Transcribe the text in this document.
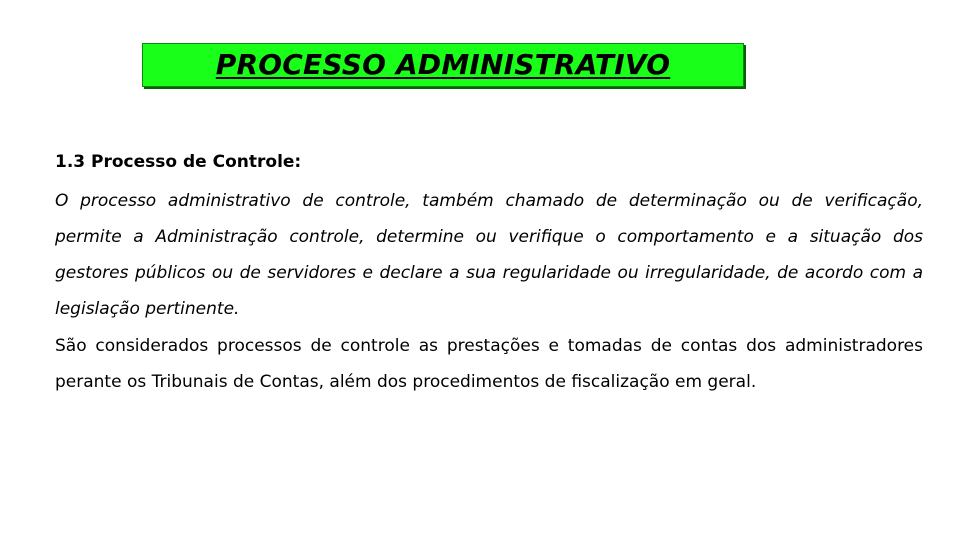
PROCESSO ADMINISTRATIVO
1.3 Processo de Controle:
O processo administrativo de controle, também chamado de determinação ou de verificação, permite a Administração controle, determine ou verifique o comportamento e a situação dos gestores públicos ou de servidores e declare a sua regularidade ou irregularidade, de acordo com a legislação pertinente.
São considerados processos de controle as prestações e tomadas de contas dos administradores perante os Tribunais de Contas, além dos procedimentos de fiscalização em geral.
